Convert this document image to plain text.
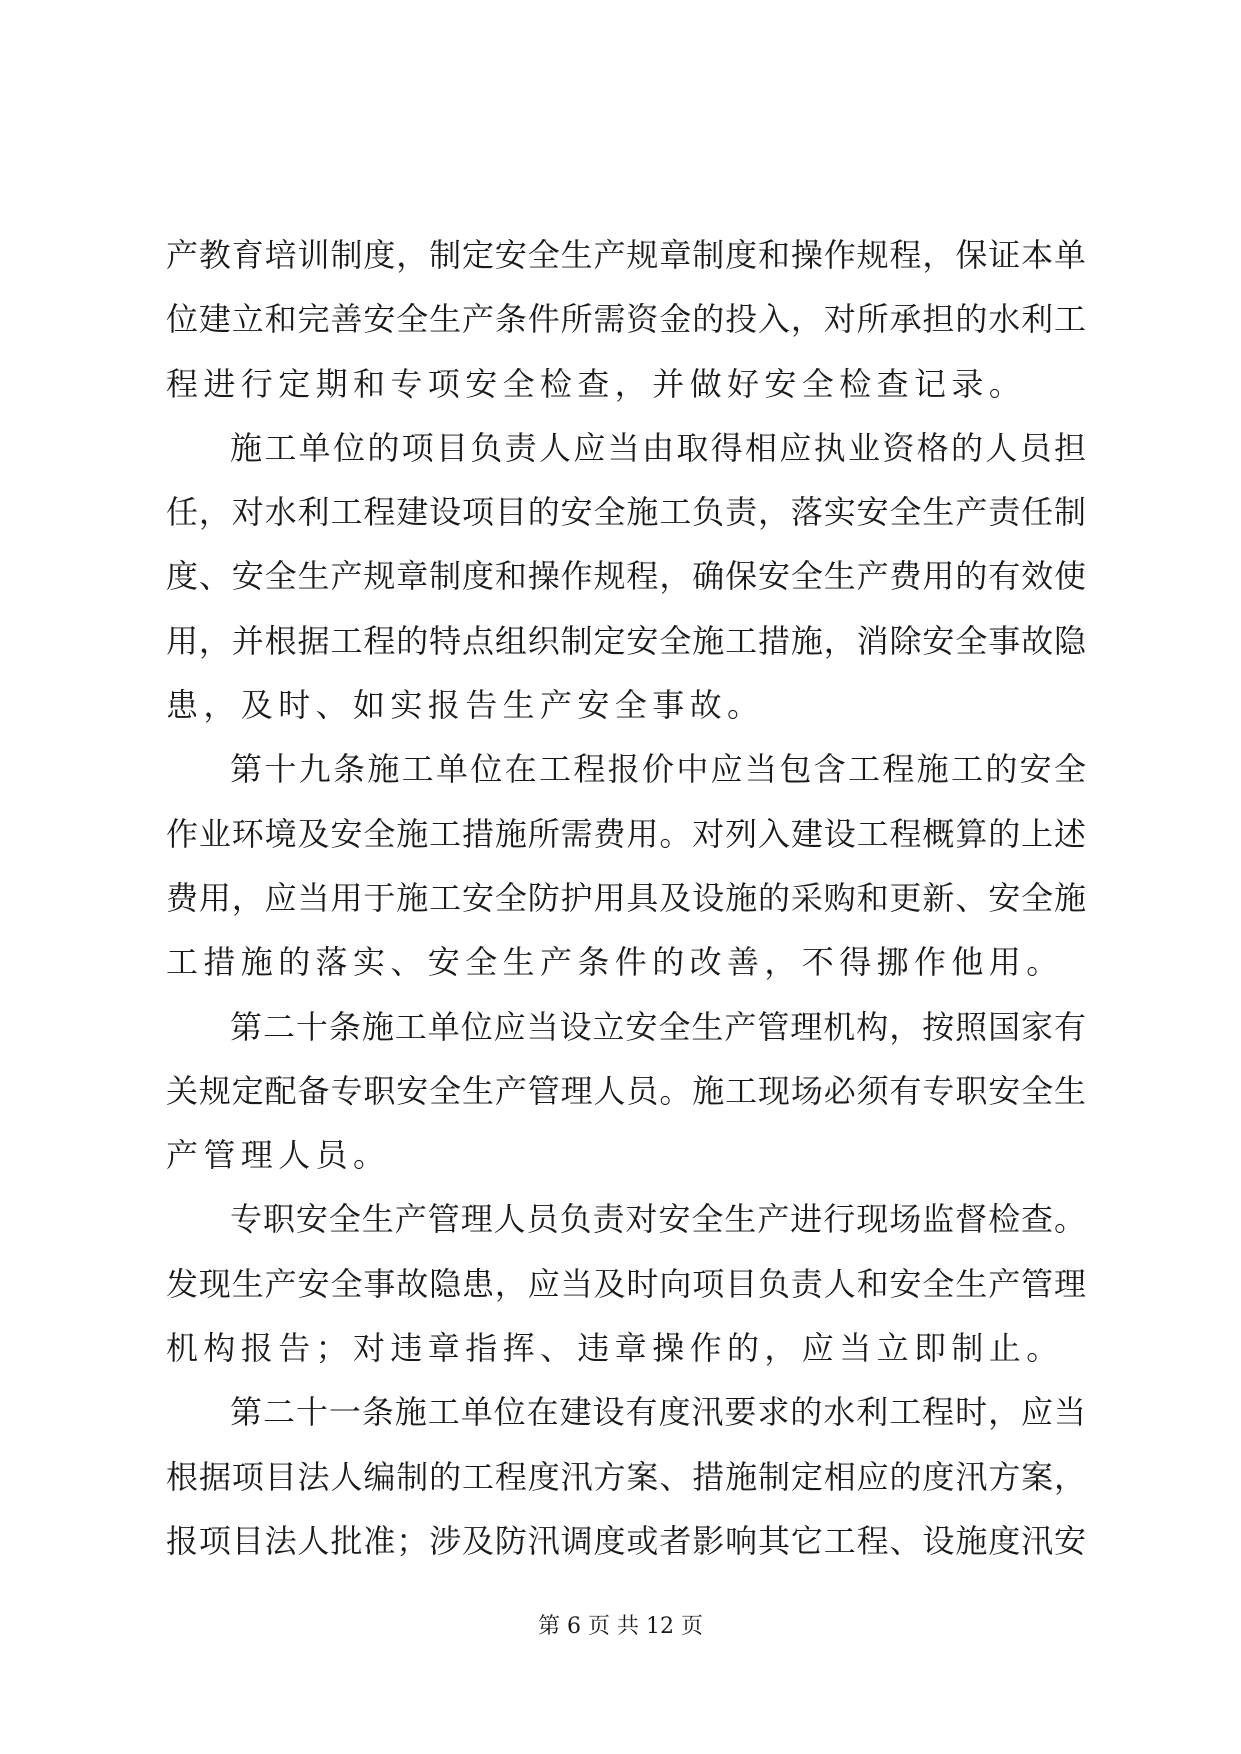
产教育培训制度，制定安全生产规章制度和操作规程，保证本单
位建立和完善安全生产条件所需资金的投入，对所承担的水利工
程进行定期和专项安全检查，并做好安全检查记录。
施工单位的项目负责人应当由取得相应执业资格的人员担
任，对水利工程建设项目的安全施工负责，落实安全生产责任制
度、安全生产规章制度和操作规程，确保安全生产费用的有效使
用，并根据工程的特点组织制定安全施工措施，消除安全事故隐
患，及时、如实报告生产安全事故。
第十九条施工单位在工程报价中应当包含工程施工的安全
作业环境及安全施工措施所需费用。对列入建设工程概算的上述
费用，应当用于施工安全防护用具及设施的采购和更新、安全施
工措施的落实、安全生产条件的改善，不得挪作他用。
第二十条施工单位应当设立安全生产管理机构，按照国家有
关规定配备专职安全生产管理人员。施工现场必须有专职安全生
产管理人员。
专职安全生产管理人员负责对安全生产进行现场监督检查。
发现生产安全事故隐患，应当及时向项目负责人和安全生产管理
机构报告；对违章指挥、违章操作的，应当立即制止。
第二十一条施工单位在建设有度汛要求的水利工程时，应当
根据项目法人编制的工程度汛方案、措施制定相应的度汛方案，
报项目法人批准；涉及防汛调度或者影响其它工程、设施度汛安
第 6 页 共 12 页
